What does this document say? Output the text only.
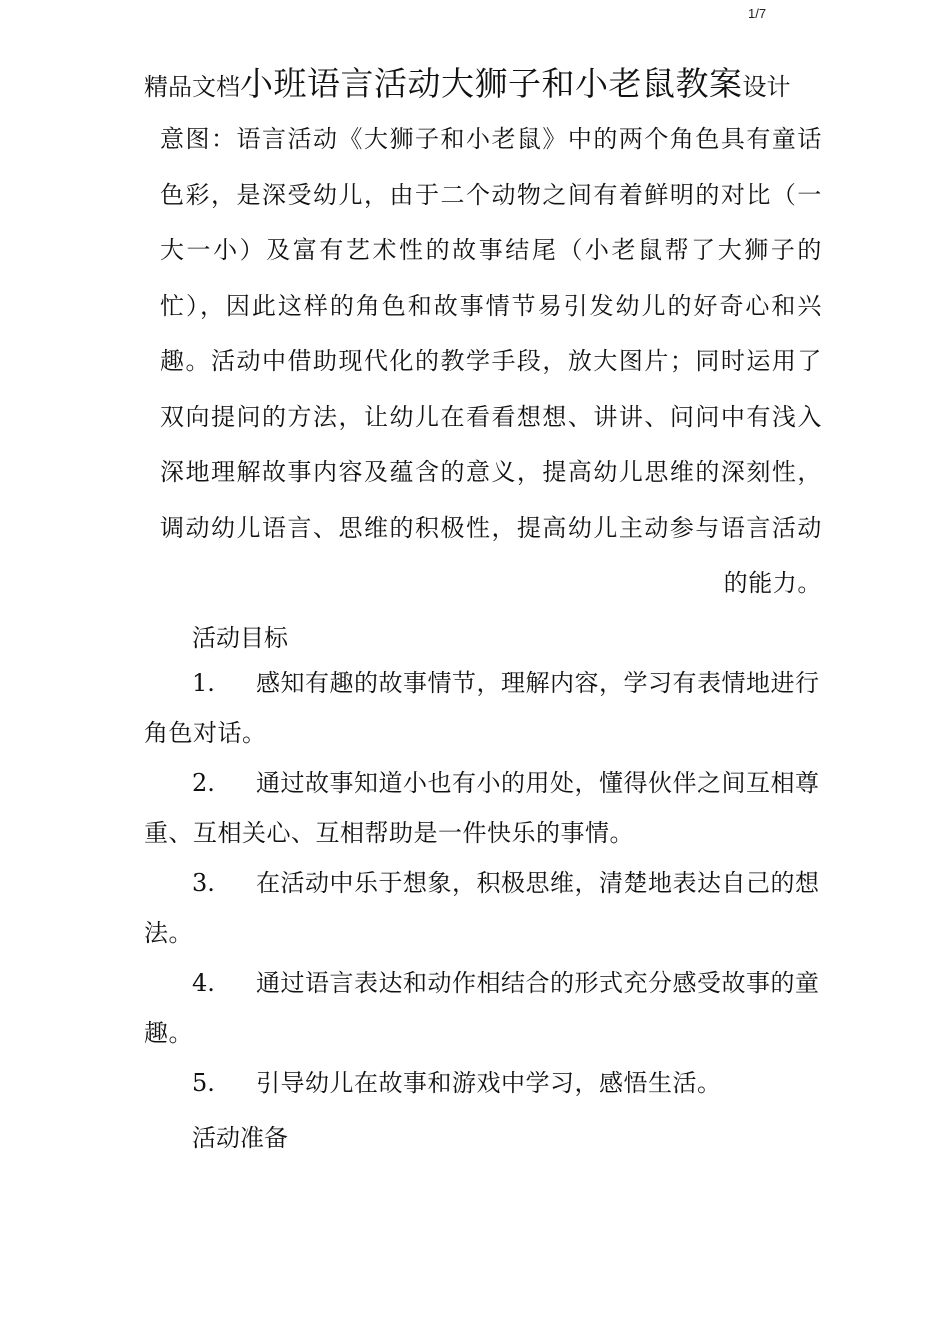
1/7
精品文档小班语言活动大狮子和小老鼠教案设计
意图：语言活动《大狮子和小老鼠》中的两个角色具有童话色彩，是深受幼儿，由于二个动物之间有着鲜明的对比（一大一小）及富有艺术性的故事结尾（小老鼠帮了大狮子的忙），因此这样的角色和故事情节易引发幼儿的好奇心和兴趣。活动中借助现代化的教学手段，放大图片；同时运用了双向提问的方法，让幼儿在看看想想、讲讲、问问中有浅入深地理解故事内容及蕴含的意义，提高幼儿思维的深刻性，调动幼儿语言、思维的积极性，提高幼儿主动参与语言活动的能力。
活动目标
1. 感知有趣的故事情节，理解内容，学习有表情地进行角色对话。
2. 通过故事知道小也有小的用处，懂得伙伴之间互相尊重、互相关心、互相帮助是一件快乐的事情。
3. 在活动中乐于想象，积极思维，清楚地表达自己的想法。
4. 通过语言表达和动作相结合的形式充分感受故事的童趣。
5. 引导幼儿在故事和游戏中学习，感悟生活。
活动准备
